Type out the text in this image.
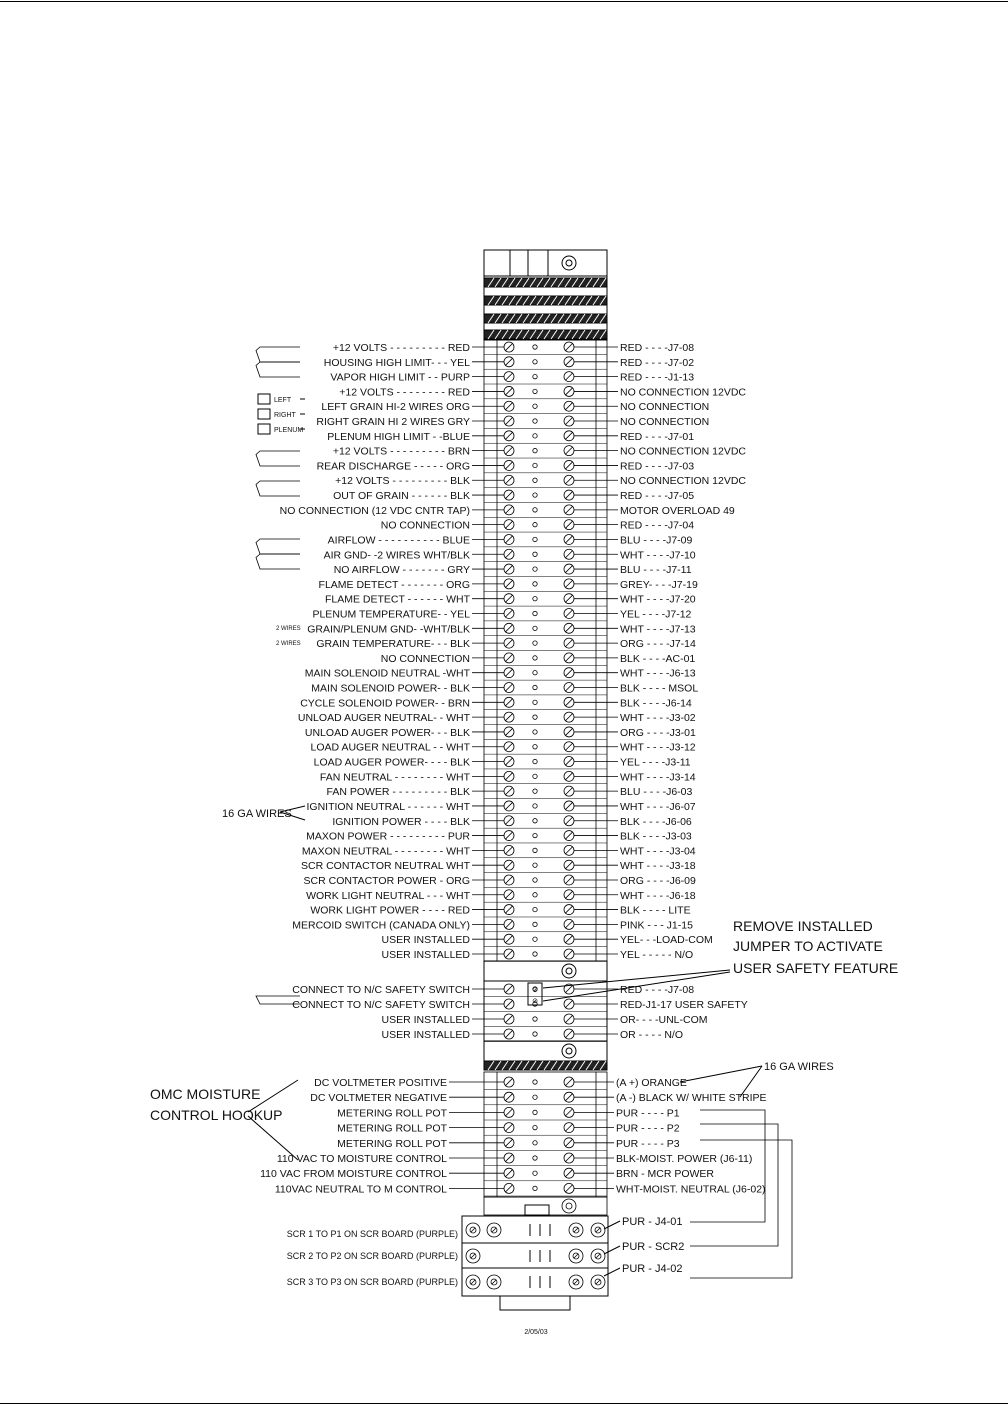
⊘
⊘
+12 VOLTS - - - - - - - - - RED
HOUSING HIGH LIMIT- - - YEL
VAPOR HIGH LIMIT - - PURP
+12 VOLTS - - - - - - - - RED
LEFT GRAIN HI-2 WIRES ORG
RIGHT GRAIN HI 2 WIRES GRY
PLENUM HIGH LIMIT - -BLUE
+12 VOLTS - - - - - - - - - BRN
REAR DISCHARGE - - - - - ORG
+12 VOLTS - - - - - - - - - BLK
OUT OF GRAIN - - - - - - BLK
NO CONNECTION (12 VDC CNTR TAP)
NO CONNECTION
AIRFLOW - - - - - - - - - - BLUE
AIR GND- -2 WIRES WHT/BLK
NO AIRFLOW - - - - - - - GRY
FLAME DETECT - - - - - - - ORG
FLAME DETECT - - - - - - WHT
PLENUM TEMPERATURE- - YEL
GRAIN/PLENUM GND- -WHT/BLK
GRAIN TEMPERATURE- - - BLK
NO CONNECTION
MAIN SOLENOID NEUTRAL -WHT
MAIN SOLENOID POWER- - BLK
CYCLE SOLENOID POWER- - BRN
UNLOAD AUGER NEUTRAL- - WHT
UNLOAD AUGER POWER- - - BLK
LOAD AUGER NEUTRAL - - WHT
LOAD AUGER POWER- - - - BLK
FAN NEUTRAL - - - - - - - - WHT
FAN POWER - - - - - - - - - BLK
IGNITION NEUTRAL - - - - - - WHT
IGNITION POWER - - - - BLK
MAXON POWER - - - - - - - - - PUR
MAXON NEUTRAL - - - - - - - - WHT
SCR CONTACTOR NEUTRAL WHT
SCR CONTACTOR POWER - ORG
WORK LIGHT NEUTRAL - - - WHT
WORK LIGHT POWER - - - - RED
MERCOID SWITCH (CANADA ONLY)
USER INSTALLED
USER INSTALLED
RED - - - -J7-08
RED - - - -J7-02
RED - - - -J1-13
NO CONNECTION 12VDC
NO CONNECTION
NO CONNECTION
RED - - - -J7-01
NO CONNECTION 12VDC
RED - - - -J7-03
NO CONNECTION 12VDC
RED - - - -J7-05
MOTOR OVERLOAD 49
RED - - - -J7-04
BLU - - - -J7-09
WHT - - - -J7-10
BLU - - - -J7-11
GREY- - - -J7-19
WHT - - - -J7-20
YEL - - - -J7-12
WHT - - - -J7-13
ORG - - - -J7-14
BLK - - - -AC-01
WHT - - - -J6-13
BLK - - - - MSOL
BLK - - - -J6-14
WHT - - - -J3-02
ORG - - - -J3-01
WHT - - - -J3-12
YEL - - - -J3-11
WHT - - - -J3-14
BLU - - - -J6-03
WHT - - - -J6-07
BLK - - - -J6-06
BLK - - - -J3-03
WHT - - - -J3-04
WHT - - - -J3-18
ORG - - - -J6-09
WHT - - - -J6-18
BLK - - - - LITE
PINK - - - J1-15
YEL- - -LOAD-COM
YEL - - - - - N/O
CONNECT TO N/C SAFETY SWITCH
CONNECT TO N/C SAFETY SWITCH
USER INSTALLED
USER INSTALLED
RED - - - -J7-08
RED-J1-17 USER SAFETY
OR- - - -UNL-COM
OR - - - - N/O
DC VOLTMETER POSITIVE
DC VOLTMETER NEGATIVE
METERING ROLL POT
METERING ROLL POT
METERING ROLL POT
110 VAC TO MOISTURE CONTROL
110 VAC FROM MOISTURE CONTROL
110VAC NEUTRAL TO M CONTROL
(A +) ORANGE
(A -) BLACK W/ WHITE STRIPE
PUR - - - - P1
PUR - - - - P2
PUR - - - - P3
BLK-MOIST. POWER (J6-11)
BRN - MCR POWER
WHT-MOIST. NEUTRAL (J6-02)
SCR 1 TO P1 ON SCR BOARD (PURPLE)
SCR 2 TO P2 ON SCR BOARD (PURPLE)
SCR 3 TO P3 ON SCR BOARD (PURPLE)
PUR - J4-01
PUR - SCR2
PUR - J4-02
LEFT
RIGHT
PLENUM
2 WIRES
2 WIRES
REMOVE INSTALLED
JUMPER TO ACTIVATE
USER SAFETY FEATURE
OMC MOISTURE
CONTROL HOOKUP
16 GA WIRES
16 GA WIRES
2/05/03
